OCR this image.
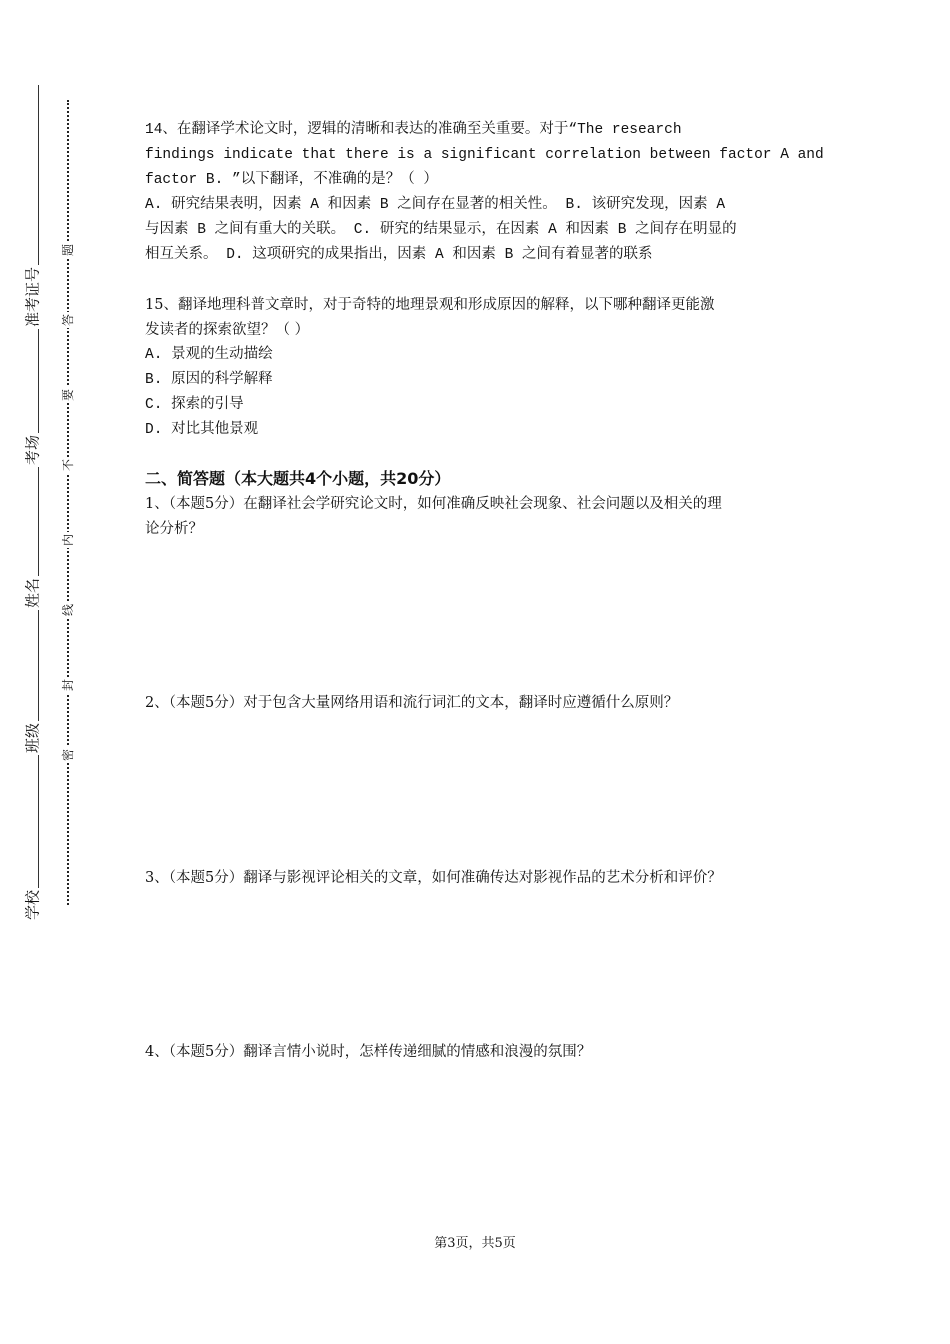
题
答
要
不
内
线
封
密
准考证号
考场
姓名
班级
学校
14、在翻译学术论文时，逻辑的清晰和表达的准确至关重要。对于“The research
findings indicate that there is a significant correlation between factor A and
factor B. ”以下翻译，不准确的是？（ ）
A. 研究结果表明，因素 A 和因素 B 之间存在显著的相关性。 B. 该研究发现，因素 A
与因素 B 之间有重大的关联。 C. 研究的结果显示，在因素 A 和因素 B 之间存在明显的
相互关系。 D. 这项研究的成果指出，因素 A 和因素 B 之间有着显著的联系
15、翻译地理科普文章时，对于奇特的地理景观和形成原因的解释，以下哪种翻译更能激
发读者的探索欲望？（ ）
A. 景观的生动描绘
B. 原因的科学解释
C. 探索的引导
D. 对比其他景观
二、简答题（本大题共4个小题，共20分）
1、（本题5分）在翻译社会学研究论文时，如何准确反映社会现象、社会问题以及相关的理
论分析？
2、（本题5分）对于包含大量网络用语和流行词汇的文本，翻译时应遵循什么原则？
3、（本题5分）翻译与影视评论相关的文章，如何准确传达对影视作品的艺术分析和评价？
4、（本题5分）翻译言情小说时，怎样传递细腻的情感和浪漫的氛围？
第3页，共5页
